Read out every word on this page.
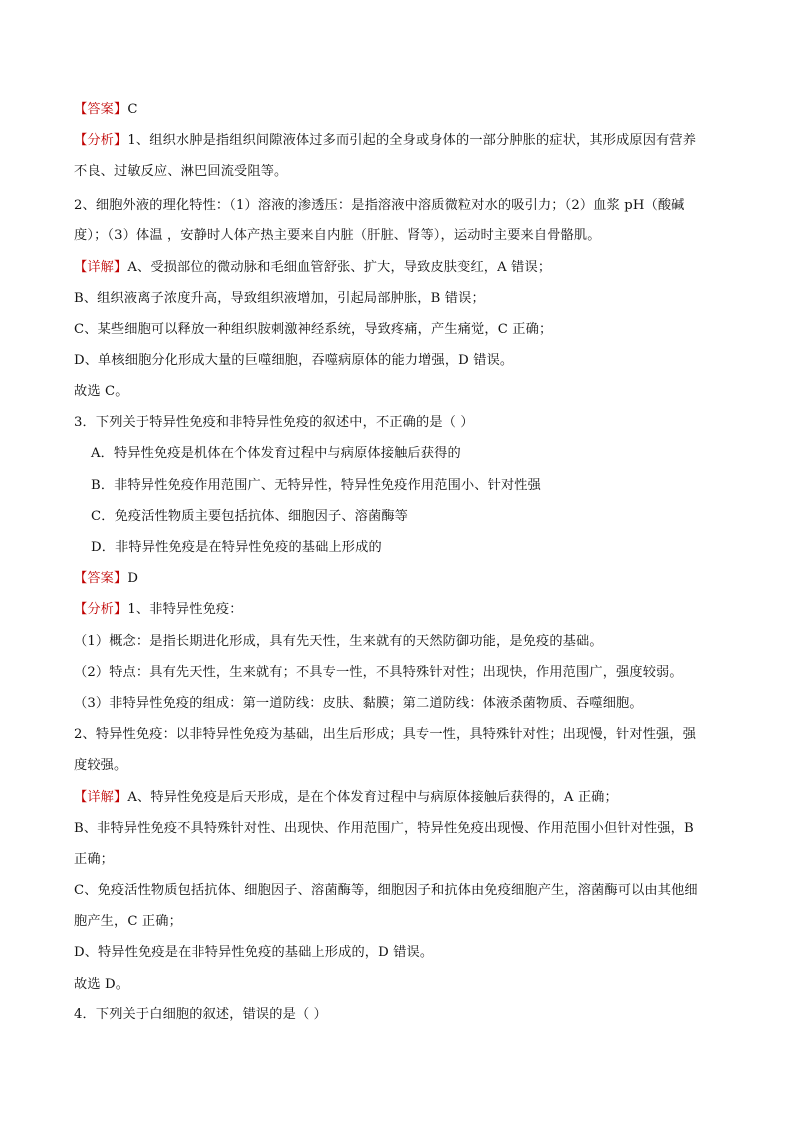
【答案】C
【分析】1、组织水肿是指组织间隙液体过多而引起的全身或身体的一部分肿胀的症状，其形成原因有营养
不良、过敏反应、淋巴回流受阻等。
2、细胞外液的理化特性：（1）溶液的渗透压：是指溶液中溶质微粒对水的吸引力；（2）血浆 pH（酸碱
度）；（3）体温 ，安静时人体产热主要来自内脏（肝脏、肾等），运动时主要来自骨骼肌。
【详解】A、受损部位的微动脉和毛细血管舒张、扩大，导致皮肤变红，A 错误；
B、组织液离子浓度升高，导致组织液增加，引起局部肿胀，B 错误；
C、某些细胞可以释放一种组织胺刺激神经系统，导致疼痛，产生痛觉，C 正确；
D、单核细胞分化形成大量的巨噬细胞，吞噬病原体的能力增强，D 错误。
故选 C。
3．下列关于特异性免疫和非特异性免疫的叙述中，不正确的是（ ）
A．特异性免疫是机体在个体发育过程中与病原体接触后获得的
B．非特异性免疫作用范围广、无特异性，特异性免疫作用范围小、针对性强
C．免疫活性物质主要包括抗体、细胞因子、溶菌酶等
D．非特异性免疫是在特异性免疫的基础上形成的
【答案】D
【分析】1、非特异性免疫：
（1）概念：是指长期进化形成，具有先天性，生来就有的天然防御功能，是免疫的基础。
（2）特点：具有先天性，生来就有；不具专一性，不具特殊针对性；出现快，作用范围广，强度较弱。
（3）非特异性免疫的组成：第一道防线：皮肤、黏膜；第二道防线：体液杀菌物质、吞噬细胞。
2、特异性免疫：以非特异性免疫为基础，出生后形成；具专一性，具特殊针对性；出现慢，针对性强，强
度较强。
【详解】A、特异性免疫是后天形成，是在个体发育过程中与病原体接触后获得的，A 正确；
B、非特异性免疫不具特殊针对性、出现快、作用范围广，特异性免疫出现慢、作用范围小但针对性强，B
正确；
C、免疫活性物质包括抗体、细胞因子、溶菌酶等，细胞因子和抗体由免疫细胞产生，溶菌酶可以由其他细
胞产生，C 正确；
D、特异性免疫是在非特异性免疫的基础上形成的，D 错误。
故选 D。
4．下列关于白细胞的叙述，错误的是（ ）
